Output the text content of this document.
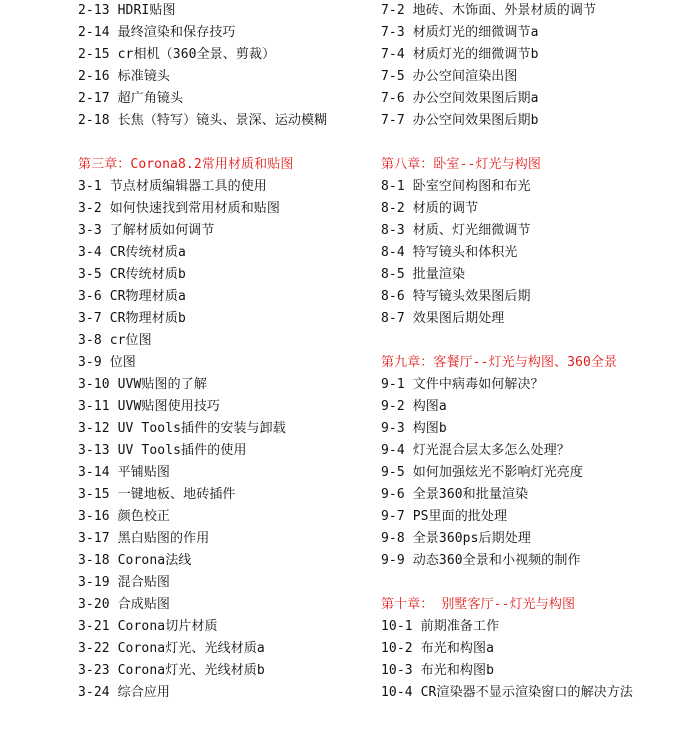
2-13 HDRI贴图
2-14 最终渲染和保存技巧
2-15 cr相机（360全景、剪裁）
2-16 标准镜头
2-17 超广角镜头
2-18 长焦（特写）镜头、景深、运动模糊
第三章：Corona8.2常用材质和贴图
3-1 节点材质编辑器工具的使用
3-2 如何快速找到常用材质和贴图
3-3 了解材质如何调节
3-4 CR传统材质a
3-5 CR传统材质b
3-6 CR物理材质a
3-7 CR物理材质b
3-8 cr位图
3-9 位图
3-10 UVW贴图的了解
3-11 UVW贴图使用技巧
3-12 UV Tools插件的安装与卸载
3-13 UV Tools插件的使用
3-14 平铺贴图
3-15 一键地板、地砖插件
3-16 颜色校正
3-17 黑白贴图的作用
3-18 Corona法线
3-19 混合贴图
3-20 合成贴图
3-21 Corona切片材质
3-22 Corona灯光、光线材质a
3-23 Corona灯光、光线材质b
3-24 综合应用
7-2 地砖、木饰面、外景材质的调节
7-3 材质灯光的细微调节a
7-4 材质灯光的细微调节b
7-5 办公空间渲染出图
7-6 办公空间效果图后期a
7-7 办公空间效果图后期b
第八章：卧室--灯光与构图
8-1 卧室空间构图和布光
8-2 材质的调节
8-3 材质、灯光细微调节
8-4 特写镜头和体积光
8-5 批量渲染
8-6 特写镜头效果图后期
8-7 效果图后期处理
第九章：客餐厅--灯光与构图、360全景
9-1 文件中病毒如何解决？
9-2 构图a
9-3 构图b
9-4 灯光混合层太多怎么处理？
9-5 如何加强炫光不影响灯光亮度
9-6 全景360和批量渲染
9-7 PS里面的批处理
9-8 全景360ps后期处理
9-9 动态360全景和小视频的制作
第十章： 别墅客厅--灯光与构图
10-1 前期准备工作
10-2 布光和构图a
10-3 布光和构图b
10-4 CR渲染器不显示渲染窗口的解决方法
